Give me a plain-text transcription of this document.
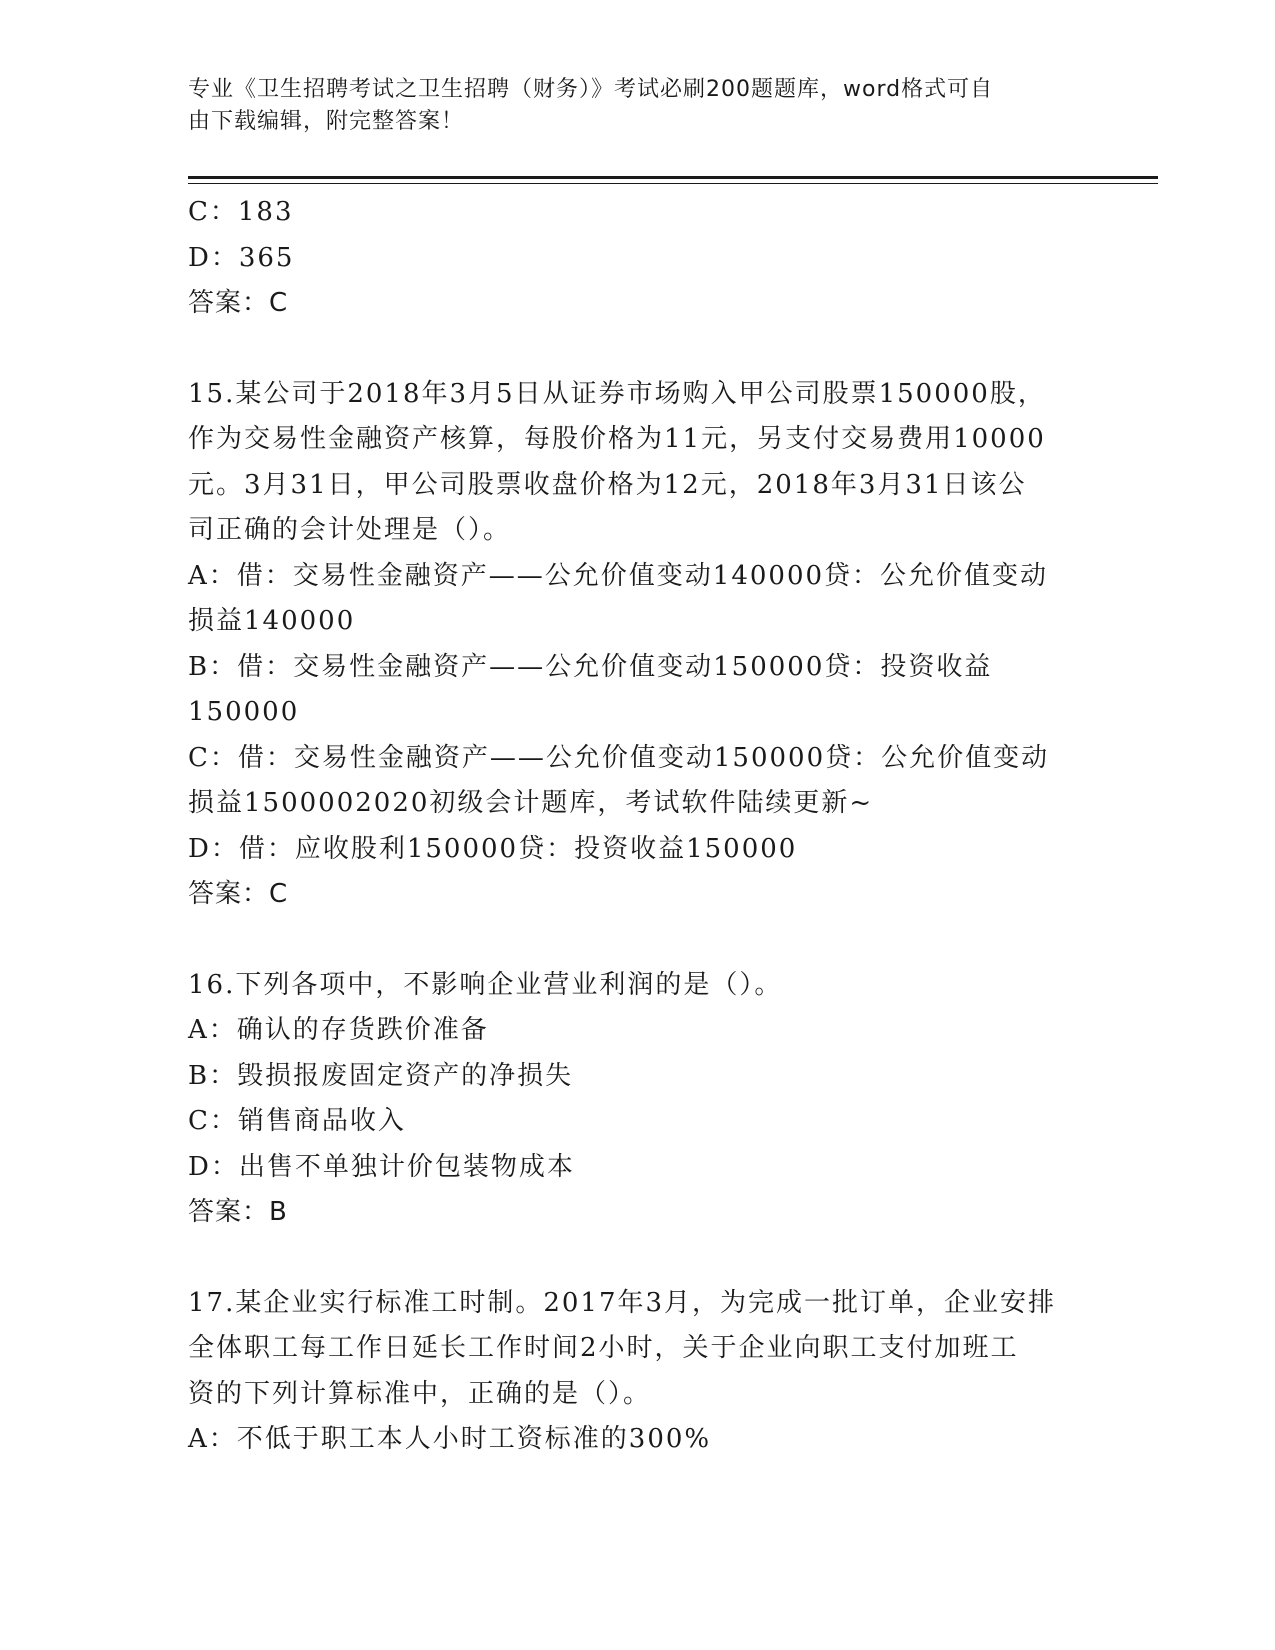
专业《卫生招聘考试之卫生招聘（财务）》考试必刷200题题库，word格式可自
由下载编辑，附完整答案！
C：183
D：365
答案：C
15.某公司于2018年3月5日从证券市场购入甲公司股票150000股，
作为交易性金融资产核算，每股价格为11元，另支付交易费用10000
元。3月31日，甲公司股票收盘价格为12元，2018年3月31日该公
司正确的会计处理是（）。
A：借：交易性金融资产——公允价值变动140000贷：公允价值变动
损益140000
B：借：交易性金融资产——公允价值变动150000贷：投资收益
150000
C：借：交易性金融资产——公允价值变动150000贷：公允价值变动
损益1500002020初级会计题库，考试软件陆续更新~
D：借：应收股利150000贷：投资收益150000
答案：C
16.下列各项中，不影响企业营业利润的是（）。
A：确认的存货跌价准备
B：毁损报废固定资产的净损失
C：销售商品收入
D：出售不单独计价包装物成本
答案：B
17.某企业实行标准工时制。2017年3月，为完成一批订单，企业安排
全体职工每工作日延长工作时间2小时，关于企业向职工支付加班工
资的下列计算标准中，正确的是（）。
A：不低于职工本人小时工资标准的300%
